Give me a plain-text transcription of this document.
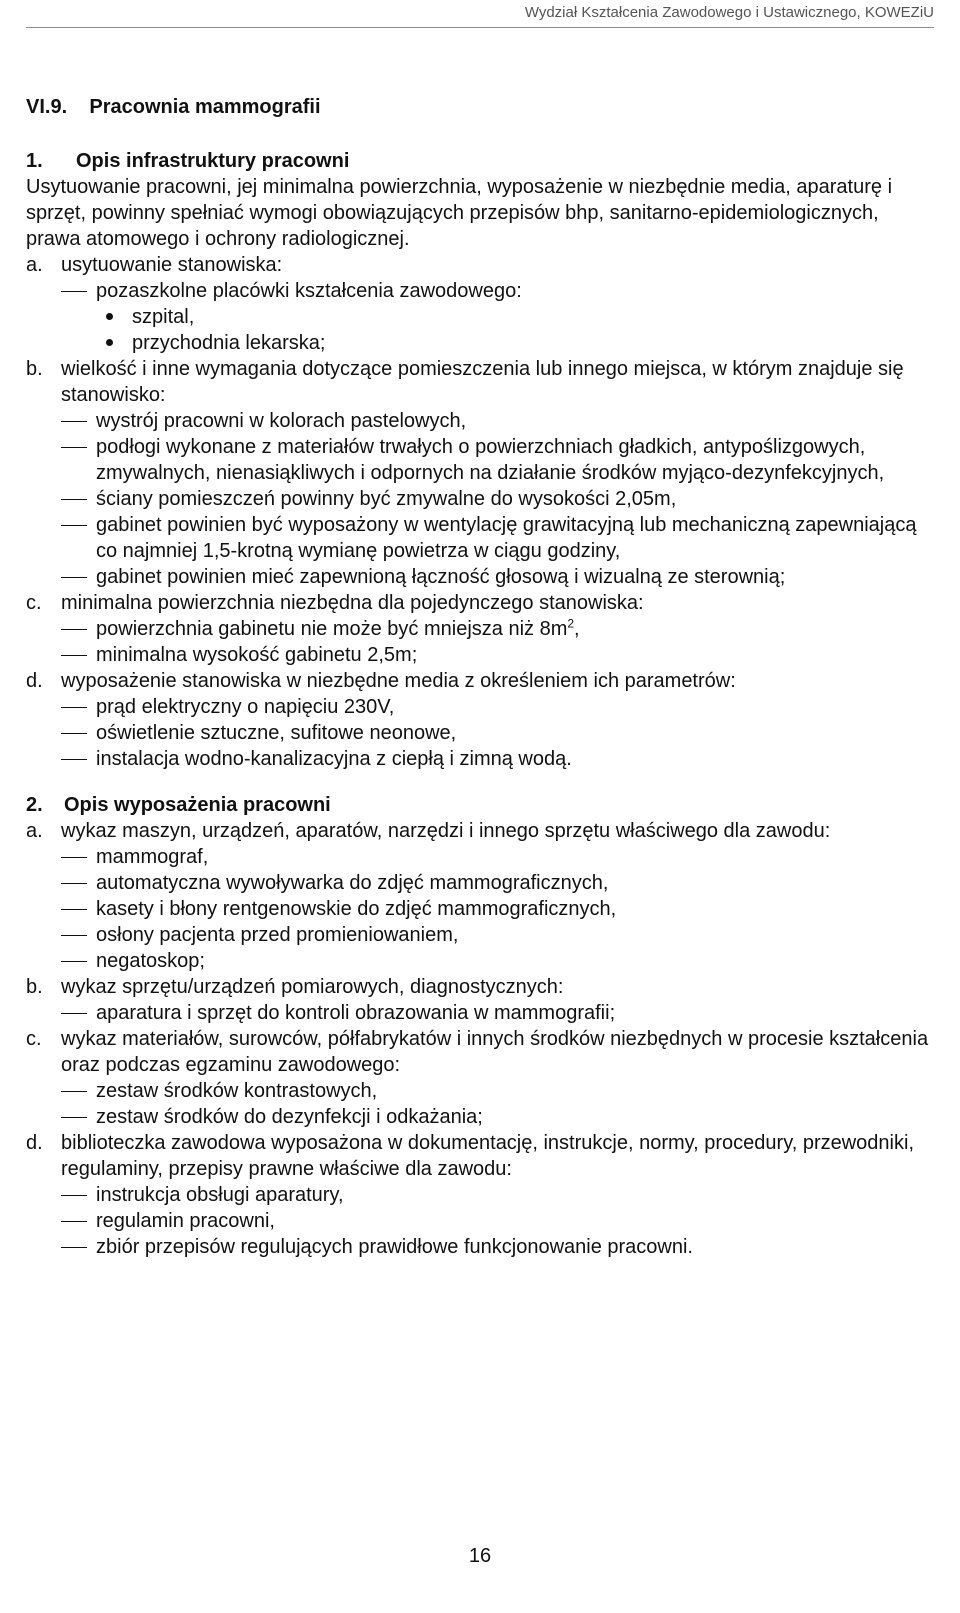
Wydział Kształcenia Zawodowego i Ustawicznego, KOWEZiU

VI.9.    Pracownia mammografii

1.	Opis infrastruktury pracowni

Usytuowanie pracowni, jej minimalna powierzchnia, wyposażenie w niezbędnie media, aparaturę i sprzęt, powinny spełniać wymogi obowiązujących przepisów bhp, sanitarno-epidemiologicznych, prawa atomowego i ochrony radiologicznej.

a. usytuowanie stanowiska:
pozaszkolne placówki kształcenia zawodowego:
szpital,
przychodnia lekarska;
b. wielkość i inne wymagania dotyczące pomieszczenia lub innego miejsca, w którym znajduje się stanowisko:
wystrój pracowni w kolorach pastelowych,
podłogi wykonane z materiałów trwałych o powierzchniach gładkich, antypoślizgowych, zmywalnych, nienasiąkliwych i odpornych na działanie środków myjąco-dezynfekcyjnych,
ściany pomieszczeń powinny być zmywalne do wysokości 2,05m,
gabinet powinien być wyposażony w wentylację grawitacyjną lub mechaniczną zapewniającą co najmniej 1,5-krotną wymianę powietrza w ciągu godziny,
gabinet powinien mieć zapewnioną łączność głosową i wizualną ze sterownią;
c. minimalna powierzchnia niezbędna dla pojedynczego stanowiska:
powierzchnia gabinetu nie może być mniejsza niż $8m^2$,
minimalna wysokość gabinetu 2,5m;
d. wyposażenie stanowiska w niezbędne media z określeniem ich parametrów:
prąd elektryczny o napięciu 230V,
oświetlenie sztuczne, sufitowe neonowe,
instalacja wodno-kanalizacyjna z ciepłą i zimną wodą.
2.	Opis wyposażenia pracowni
a. wykaz maszyn, urządzeń, aparatów, narzędzi i innego sprzętu właściwego dla zawodu:
mammograf,
automatyczna wywoływarka do zdjęć mammograficznych,
kasety i błony rentgenowskie do zdjęć mammograficznych,
osłony pacjenta przed promieniowaniem,
negatoskop;
b. wykaz sprzętu/urządzeń pomiarowych, diagnostycznych:
aparatura i sprzęt do kontroli obrazowania w mammografii;
c. wykaz materiałów, surowców, półfabrykatów i innych środków niezbędnych w procesie kształcenia oraz podczas egzaminu zawodowego:
zestaw środków kontrastowych,
zestaw środków do dezynfekcji i odkażania;
d. biblioteczka zawodowa wyposażona w dokumentację, instrukcje, normy, procedury, przewodniki, regulaminy, przepisy prawne właściwe dla zawodu:
instrukcja obsługi aparatury,
regulamin pracowni,
zbiór przepisów regulujących prawidłowe funkcjonowanie pracowni.
16
